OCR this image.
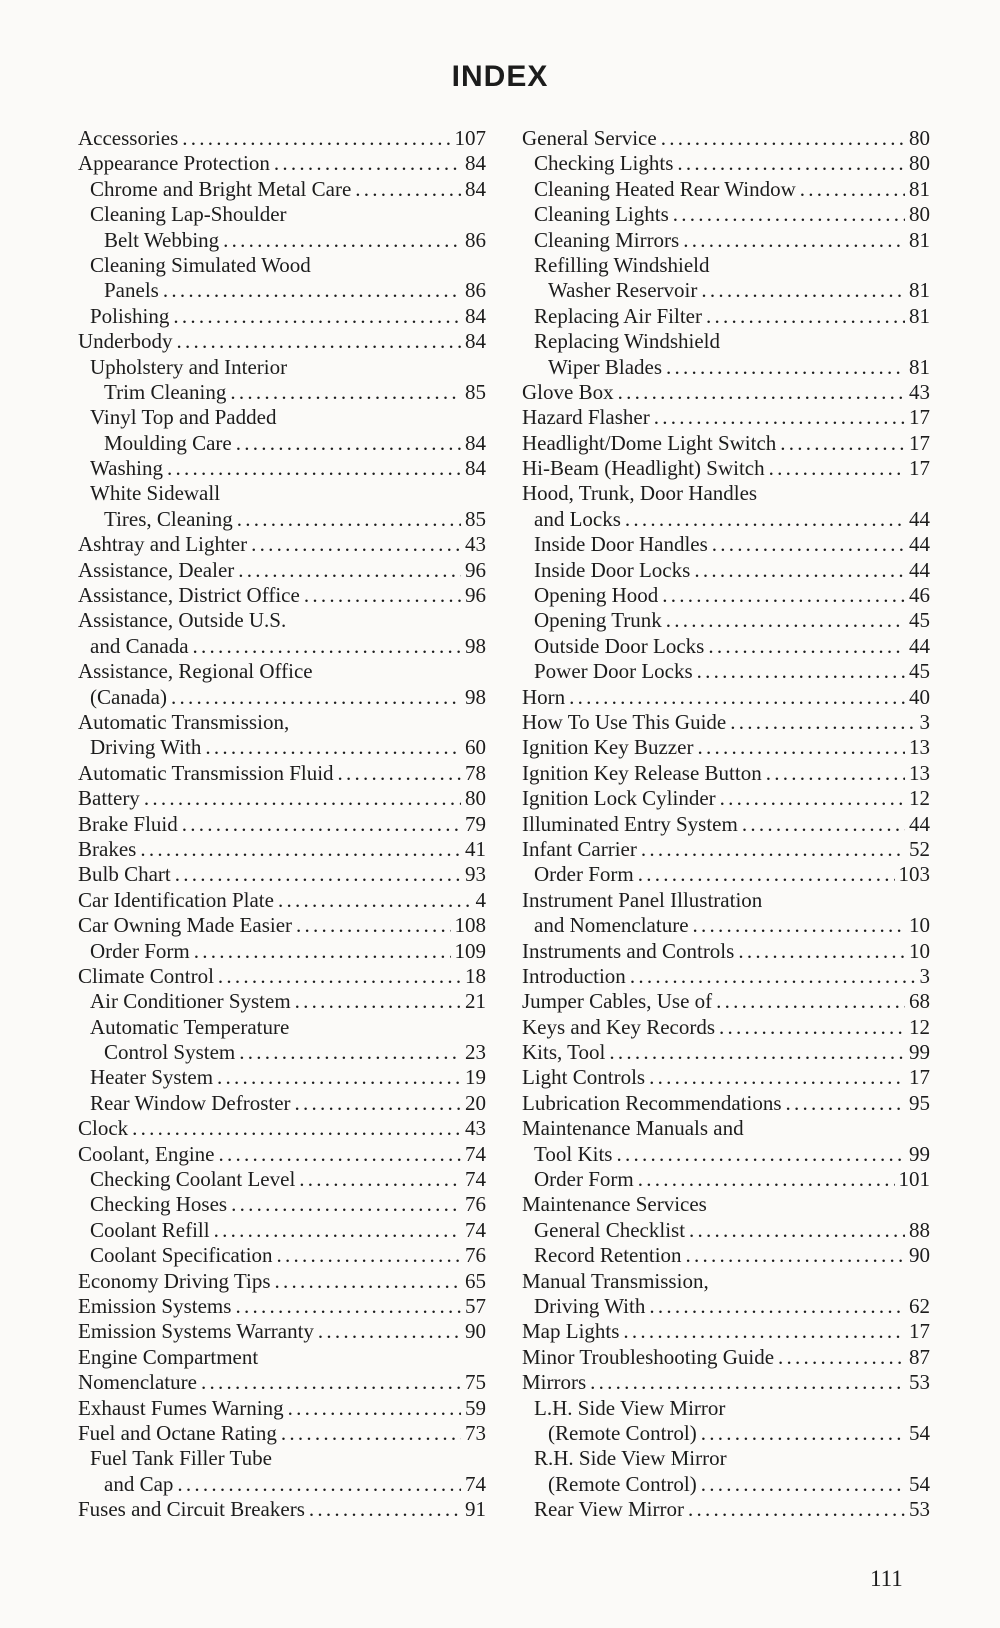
INDEX
Accessories . . .	107
Appearance Protection . . .	84
Chrome and Bright Metal Care . . .	84
Cleaning Lap-Shoulder
Belt Webbing . . .	86
Cleaning Simulated Wood
Panels . . .	86
Polishing . . .	84
Underbody . . .	84
Upholstery and Interior
Trim Cleaning . . .	85
Vinyl Top and Padded
Moulding Care . . .	84
Washing . . .	84
White Sidewall
Tires, Cleaning . . .	85
Ashtray and Lighter . . .	43
Assistance, Dealer . . .	96
Assistance, District Office . . .	96
Assistance, Outside U.S.
and Canada . . .	98
Assistance, Regional Office
(Canada) . . .	98
Automatic Transmission,
Driving With . . .	60
Automatic Transmission Fluid . . .	78
Battery . . .	80
Brake Fluid . . .	79
Brakes . . .	41
Bulb Chart . . .	93
Car Identification Plate . . .	4
Car Owning Made Easier . . .	108
Order Form . . .	109
Climate Control . . .	18
Air Conditioner System . . .	21
Automatic Temperature
Control System . . .	23
Heater System . . .	19
Rear Window Defroster . . .	20
Clock . . .	43
Coolant, Engine . . .	74
Checking Coolant Level . . .	74
Checking Hoses . . .	76
Coolant Refill . . .	74
Coolant Specification . . .	76
Economy Driving Tips . . .	65
Emission Systems . . .	57
Emission Systems Warranty . . .	90
Engine Compartment
Nomenclature . . .	75
Exhaust Fumes Warning . . .	59
Fuel and Octane Rating . . .	73
Fuel Tank Filler Tube
and Cap . . .	74
Fuses and Circuit Breakers . . .	91
General Service . . .	80
Checking Lights . . .	80
Cleaning Heated Rear Window . . .	81
Cleaning Lights . . .	80
Cleaning Mirrors . . .	81
Refilling Windshield
Washer Reservoir . . .	81
Replacing Air Filter . . .	81
Replacing Windshield
Wiper Blades . . .	81
Glove Box . . .	43
Hazard Flasher . . .	17
Headlight/Dome Light Switch . . .	17
Hi-Beam (Headlight) Switch . . .	17
Hood, Trunk, Door Handles
and Locks . . .	44
Inside Door Handles . . .	44
Inside Door Locks . . .	44
Opening Hood . . .	46
Opening Trunk . . .	45
Outside Door Locks . . .	44
Power Door Locks . . .	45
Horn . . .	40
How To Use This Guide . . .	3
Ignition Key Buzzer . . .	13
Ignition Key Release Button . . .	13
Ignition Lock Cylinder . . .	12
Illuminated Entry System . . .	44
Infant Carrier . . .	52
Order Form . . .	103
Instrument Panel Illustration
and Nomenclature . . .	10
Instruments and Controls . . .	10
Introduction . . .	3
Jumper Cables, Use of . . .	68
Keys and Key Records . . .	12
Kits, Tool . . .	99
Light Controls . . .	17
Lubrication Recommendations . . .	95
Maintenance Manuals and
Tool Kits . . .	99
Order Form . . .	101
Maintenance Services
General Checklist . . .	88
Record Retention . . .	90
Manual Transmission,
Driving With . . .	62
Map Lights . . .	17
Minor Troubleshooting Guide . . .	87
Mirrors . . .	53
L.H. Side View Mirror
(Remote Control) . . .	54
R.H. Side View Mirror
(Remote Control) . . .	54
Rear View Mirror . . .	53
111
